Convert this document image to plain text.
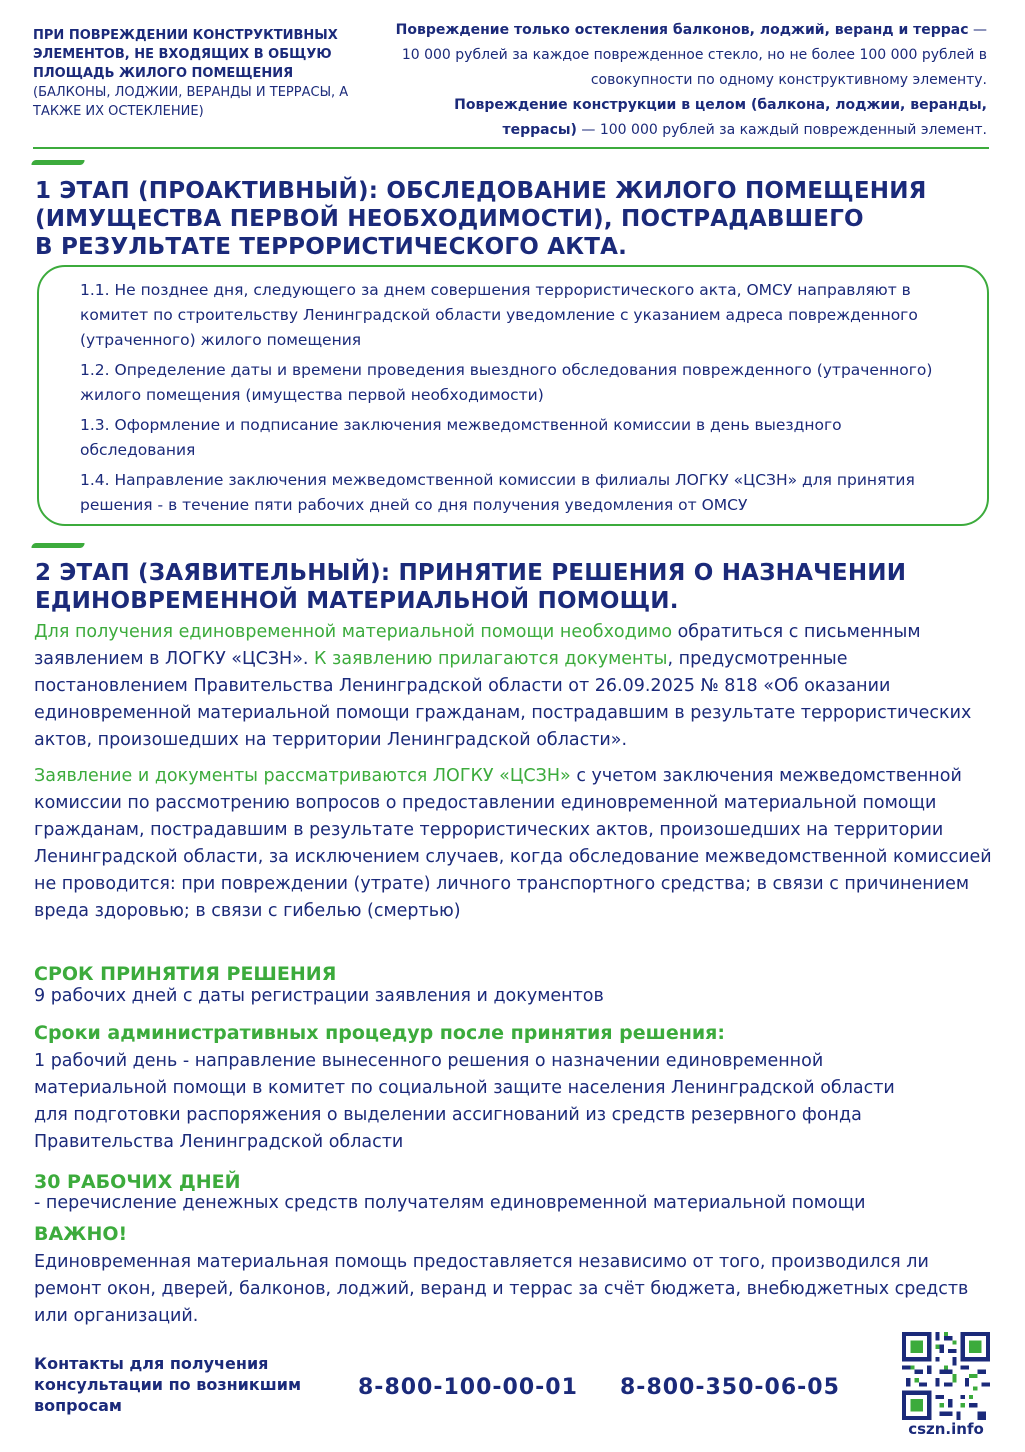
ПРИ ПОВРЕЖДЕНИИ КОНСТРУКТИВНЫХ ЭЛЕМЕНТОВ, НЕ ВХОДЯЩИХ В ОБЩУЮ ПЛОЩАДЬ ЖИЛОГО ПОМЕЩЕНИЯ
(БАЛКОНЫ, ЛОДЖИИ, ВЕРАНДЫ И ТЕРРАСЫ, А ТАКЖЕ ИХ ОСТЕКЛЕНИЕ)
Повреждение только остекления балконов, лоджий, веранд и террас — 10 000 рублей за каждое поврежденное стекло, но не более 100 000 рублей в совокупности по одному конструктивному элементу.
Повреждение конструкции в целом (балкона, лоджии, веранды, террасы) — 100 000 рублей за каждый поврежденный элемент.
1 ЭТАП (ПРОАКТИВНЫЙ): ОБСЛЕДОВАНИЕ ЖИЛОГО ПОМЕЩЕНИЯ
(ИМУЩЕСТВА ПЕРВОЙ НЕОБХОДИМОСТИ), ПОСТРАДАВШЕГО
В РЕЗУЛЬТАТЕ ТЕРРОРИСТИЧЕСКОГО АКТА.
1.1. Не позднее дня, следующего за днем совершения террористического акта, ОМСУ направляют в комитет по строительству Ленинградской области уведомление с указанием адреса поврежденного (утраченного) жилого помещения
1.2. Определение даты и времени проведения выездного обследования поврежденного (утраченного) жилого помещения (имущества первой необходимости)
1.3. Оформление и подписание заключения межведомственной комиссии в день выездного обследования
1.4. Направление заключения межведомственной комиссии в филиалы ЛОГКУ «ЦСЗН» для принятия решения - в течение пяти рабочих дней со дня получения уведомления от ОМСУ
2 ЭТАП (ЗАЯВИТЕЛЬНЫЙ): ПРИНЯТИЕ РЕШЕНИЯ О НАЗНАЧЕНИИ
ЕДИНОВРЕМЕННОЙ МАТЕРИАЛЬНОЙ ПОМОЩИ.
Для получения единовременной материальной помощи необходимо обратиться с письменным заявлением в ЛОГКУ «ЦСЗН». К заявлению прилагаются документы, предусмотренные постановлением Правительства Ленинградской области от 26.09.2025 № 818 «Об оказании единовременной материальной помощи гражданам, пострадавшим в результате террористических актов, произошедших на территории Ленинградской области».
Заявление и документы рассматриваются ЛОГКУ «ЦСЗН» с учетом заключения межведомственной комиссии по рассмотрению вопросов о предоставлении единовременной материальной помощи гражданам, пострадавшим в результате террористических актов, произошедших на территории Ленинградской области, за исключением случаев, когда обследование межведомственной комиссией не проводится: при повреждении (утрате) личного транспортного средства; в связи с причинением вреда здоровью; в связи с гибелью (смертью)
СРОК ПРИНЯТИЯ РЕШЕНИЯ
9 рабочих дней с даты регистрации заявления и документов
Сроки административных процедур после принятия решения:
1 рабочий день - направление вынесенного решения о назначении единовременной материальной помощи в комитет по социальной защите населения Ленинградской области для подготовки распоряжения о выделении ассигнований из средств резервного фонда Правительства Ленинградской области
30 РАБОЧИХ ДНЕЙ
- перечисление денежных средств получателям единовременной материальной помощи
ВАЖНО!
Единовременная материальная помощь предоставляется независимо от того, производился ли ремонт окон, дверей, балконов, лоджий, веранд и террас за счёт бюджета, внебюджетных средств или организаций.
Контакты для получения консультации по возникшим вопросам
8-800-100-00-01 8-800-350-06-05
cszn.info
